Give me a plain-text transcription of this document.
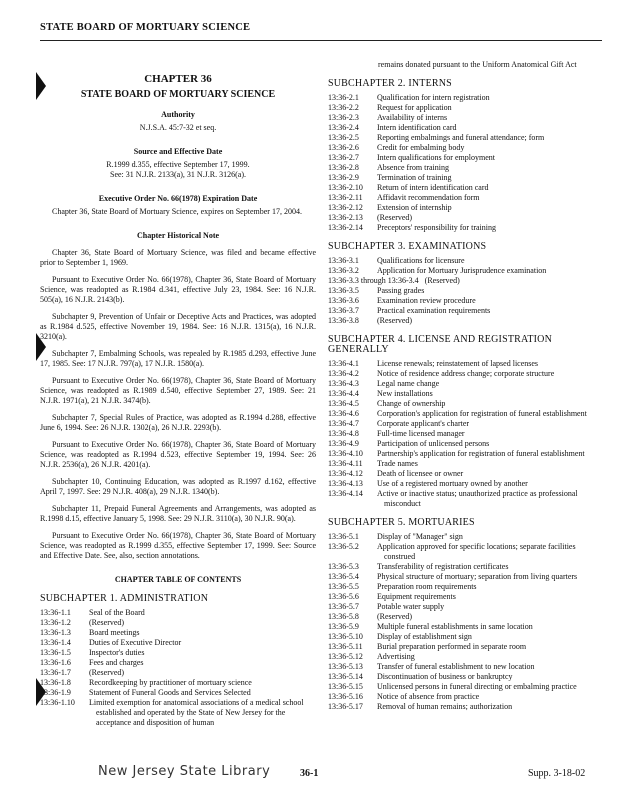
STATE BOARD OF MORTUARY SCIENCE
CHAPTER 36
STATE BOARD OF MORTUARY SCIENCE
Authority
N.J.S.A. 45:7-32 et seq.
Source and Effective Date
R.1999 d.355, effective September 17, 1999.
See: 31 N.J.R. 2133(a), 31 N.J.R. 3126(a).
Executive Order No. 66(1978) Expiration Date
Chapter 36, State Board of Mortuary Science, expires on September 17, 2004.
Chapter Historical Note
Chapter 36, State Board of Mortuary Science, was filed and became effective prior to September 1, 1969.
Pursuant to Executive Order No. 66(1978), Chapter 36, State Board of Mortuary Science, was readopted as R.1984 d.341, effective July 23, 1984. See: 16 N.J.R. 505(a), 16 N.J.R. 2143(b).
Subchapter 9, Prevention of Unfair or Deceptive Acts and Practices, was adopted as R.1984 d.525, effective November 19, 1984. See: 16 N.J.R. 1315(a), 16 N.J.R. 3210(a).
Subchapter 7, Embalming Schools, was repealed by R.1985 d.293, effective June 17, 1985. See: 17 N.J.R. 797(a), 17 N.J.R. 1580(a).
Pursuant to Executive Order No. 66(1978), Chapter 36, State Board of Mortuary Science, was readopted as R.1989 d.540, effective September 27, 1989. See: 21 N.J.R. 1971(a), 21 N.J.R. 3474(b).
Subchapter 7, Special Rules of Practice, was adopted as R.1994 d.288, effective June 6, 1994. See: 26 N.J.R. 1302(a), 26 N.J.R. 2293(b).
Pursuant to Executive Order No. 66(1978), Chapter 36, State Board of Mortuary Science, was readopted as R.1994 d.523, effective September 19, 1994. See: 26 N.J.R. 2536(a), 26 N.J.R. 4201(a).
Subchapter 10, Continuing Education, was adopted as R.1997 d.162, effective April 7, 1997. See: 29 N.J.R. 408(a), 29 N.J.R. 1340(b).
Subchapter 11, Prepaid Funeral Agreements and Arrangements, was adopted as R.1998 d.15, effective January 5, 1998. See: 29 N.J.R. 3110(a), 30 N.J.R. 90(a).
Pursuant to Executive Order No. 66(1978), Chapter 36, State Board of Mortuary Science, was readopted as R.1999 d.355, effective September 17, 1999. See: Source and Effective Date. See, also, section annotations.
CHAPTER TABLE OF CONTENTS
SUBCHAPTER 1. ADMINISTRATION
13:36-1.1	Seal of the Board
13:36-1.2	(Reserved)
13:36-1.3	Board meetings
13:36-1.4	Duties of Executive Director
13:36-1.5	Inspector's duties
13:36-1.6	Fees and charges
13:36-1.7	(Reserved)
13:36-1.8	Recordkeeping by practitioner of mortuary science
13:36-1.9	Statement of Funeral Goods and Services Selected
13:36-1.10	Limited exemption for anatomical associations of a medical school established and operated by the State of New Jersey for the acceptance and disposition of human
remains donated pursuant to the Uniform Anatomical Gift Act
SUBCHAPTER 2. INTERNS
13:36-2.1	Qualification for intern registration
13:36-2.2	Request for application
13:36-2.3	Availability of interns
13:36-2.4	Intern identification card
13:36-2.5	Reporting embalmings and funeral attendance; form
13:36-2.6	Credit for embalming body
13:36-2.7	Intern qualifications for employment
13:36-2.8	Absence from training
13:36-2.9	Termination of training
13:36-2.10	Return of intern identification card
13:36-2.11	Affidavit recommendation form
13:36-2.12	Extension of internship
13:36-2.13	(Reserved)
13:36-2.14	Preceptors' responsibility for training
SUBCHAPTER 3. EXAMINATIONS
13:36-3.1	Qualifications for licensure
13:36-3.2	Application for Mortuary Jurisprudence examination
13:36-3.3 through 13:36-3.4 (Reserved)
13:36-3.5	Passing grades
13:36-3.6	Examination review procedure
13:36-3.7	Practical examination requirements
13:36-3.8	(Reserved)
SUBCHAPTER 4. LICENSE AND REGISTRATION GENERALLY
13:36-4.1	License renewals; reinstatement of lapsed licenses
13:36-4.2	Notice of residence address change; corporate structure
13:36-4.3	Legal name change
13:36-4.4	New installations
13:36-4.5	Change of ownership
13:36-4.6	Corporation's application for registration of funeral establishment
13:36-4.7	Corporate applicant's charter
13:36-4.8	Full-time licensed manager
13:36-4.9	Participation of unlicensed persons
13:36-4.10	Partnership's application for registration of funeral establishment
13:36-4.11	Trade names
13:36-4.12	Death of licensee or owner
13:36-4.13	Use of a registered mortuary owned by another
13:36-4.14	Active or inactive status; unauthorized practice as professional misconduct
SUBCHAPTER 5. MORTUARIES
13:36-5.1	Display of "Manager" sign
13:36-5.2	Application approved for specific locations; separate facilities construed
13:36-5.3	Transferability of registration certificates
13:36-5.4	Physical structure of mortuary; separation from living quarters
13:36-5.5	Preparation room requirements
13:36-5.6	Equipment requirements
13:36-5.7	Potable water supply
13:36-5.8	(Reserved)
13:36-5.9	Multiple funeral establishments in same location
13:36-5.10	Display of establishment sign
13:36-5.11	Burial preparation performed in separate room
13:36-5.12	Advertising
13:36-5.13	Transfer of funeral establishment to new location
13:36-5.14	Discontinuation of business or bankruptcy
13:36-5.15	Unlicensed persons in funeral directing or embalming practice
13:36-5.16	Notice of absence from practice
13:36-5.17	Removal of human remains; authorization
New Jersey State Library	36-1	Supp. 3-18-02
